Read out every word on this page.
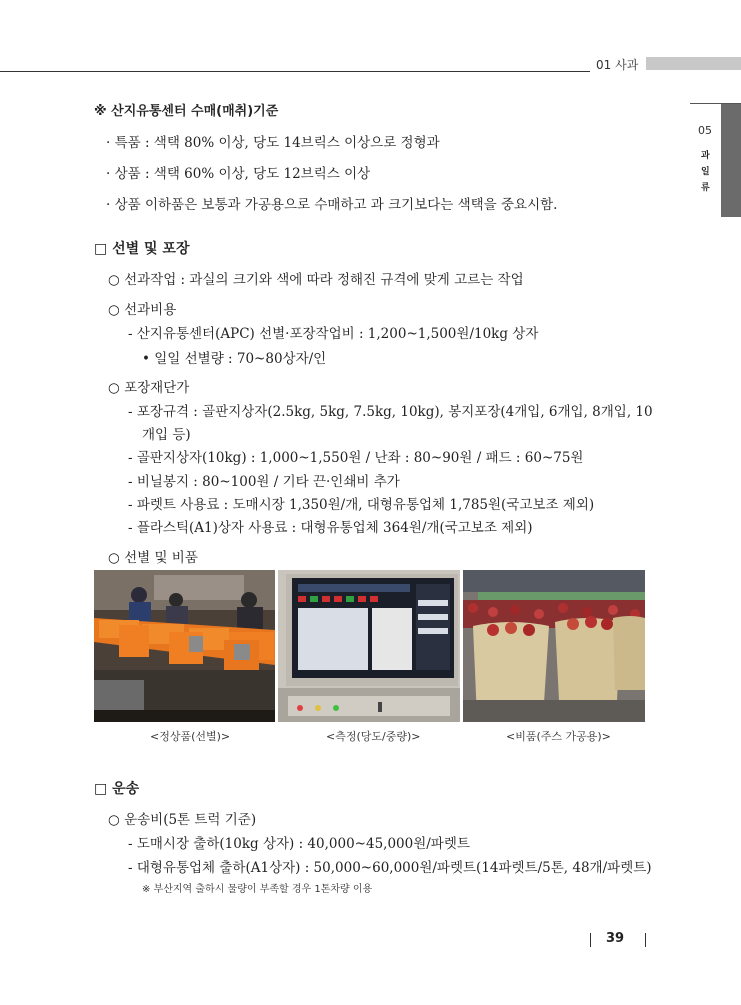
01 사과
05
과일류
※ 산지유통센터 수매(매취)기준
· 특품 : 색택 80% 이상, 당도 14브릭스 이상으로 정형과
· 상품 : 색택 60% 이상, 당도 12브릭스 이상
· 상품 이하품은 보통과 가공용으로 수매하고 과 크기보다는 색택을 중요시함.
□ 선별 및 포장
○ 선과작업 : 과실의 크기와 색에 따라 정해진 규격에 맞게 고르는 작업
○ 선과비용
- 산지유통센터(APC) 선별·포장작업비 : 1,200~1,500원/10kg 상자
• 일일 선별량 : 70~80상자/인
○ 포장재단가
- 포장규격 : 골판지상자(2.5kg, 5kg, 7.5kg, 10kg), 봉지포장(4개입, 6개입, 8개입, 10
개입 등)
- 골판지상자(10kg) : 1,000~1,550원 / 난좌 : 80~90원 / 패드 : 60~75원
- 비닐봉지 : 80~100원 / 기타 끈·인쇄비 추가
- 파렛트 사용료 : 도매시장 1,350원/개, 대형유통업체 1,785원(국고보조 제외)
- 플라스틱(A1)상자 사용료 : 대형유통업체 364원/개(국고보조 제외)
○ 선별 및 비품
<정상품(선별)>	<측정(당도/중량)>	<비품(주스 가공용)>
□ 운송
○ 운송비(5톤 트럭 기준)
- 도매시장 출하(10kg 상자) : 40,000~45,000원/파렛트
- 대형유통업체 출하(A1상자) : 50,000~60,000원/파렛트(14파렛트/5톤, 48개/파렛트)
※ 부산지역 출하시 물량이 부족할 경우 1톤차량 이용
39
